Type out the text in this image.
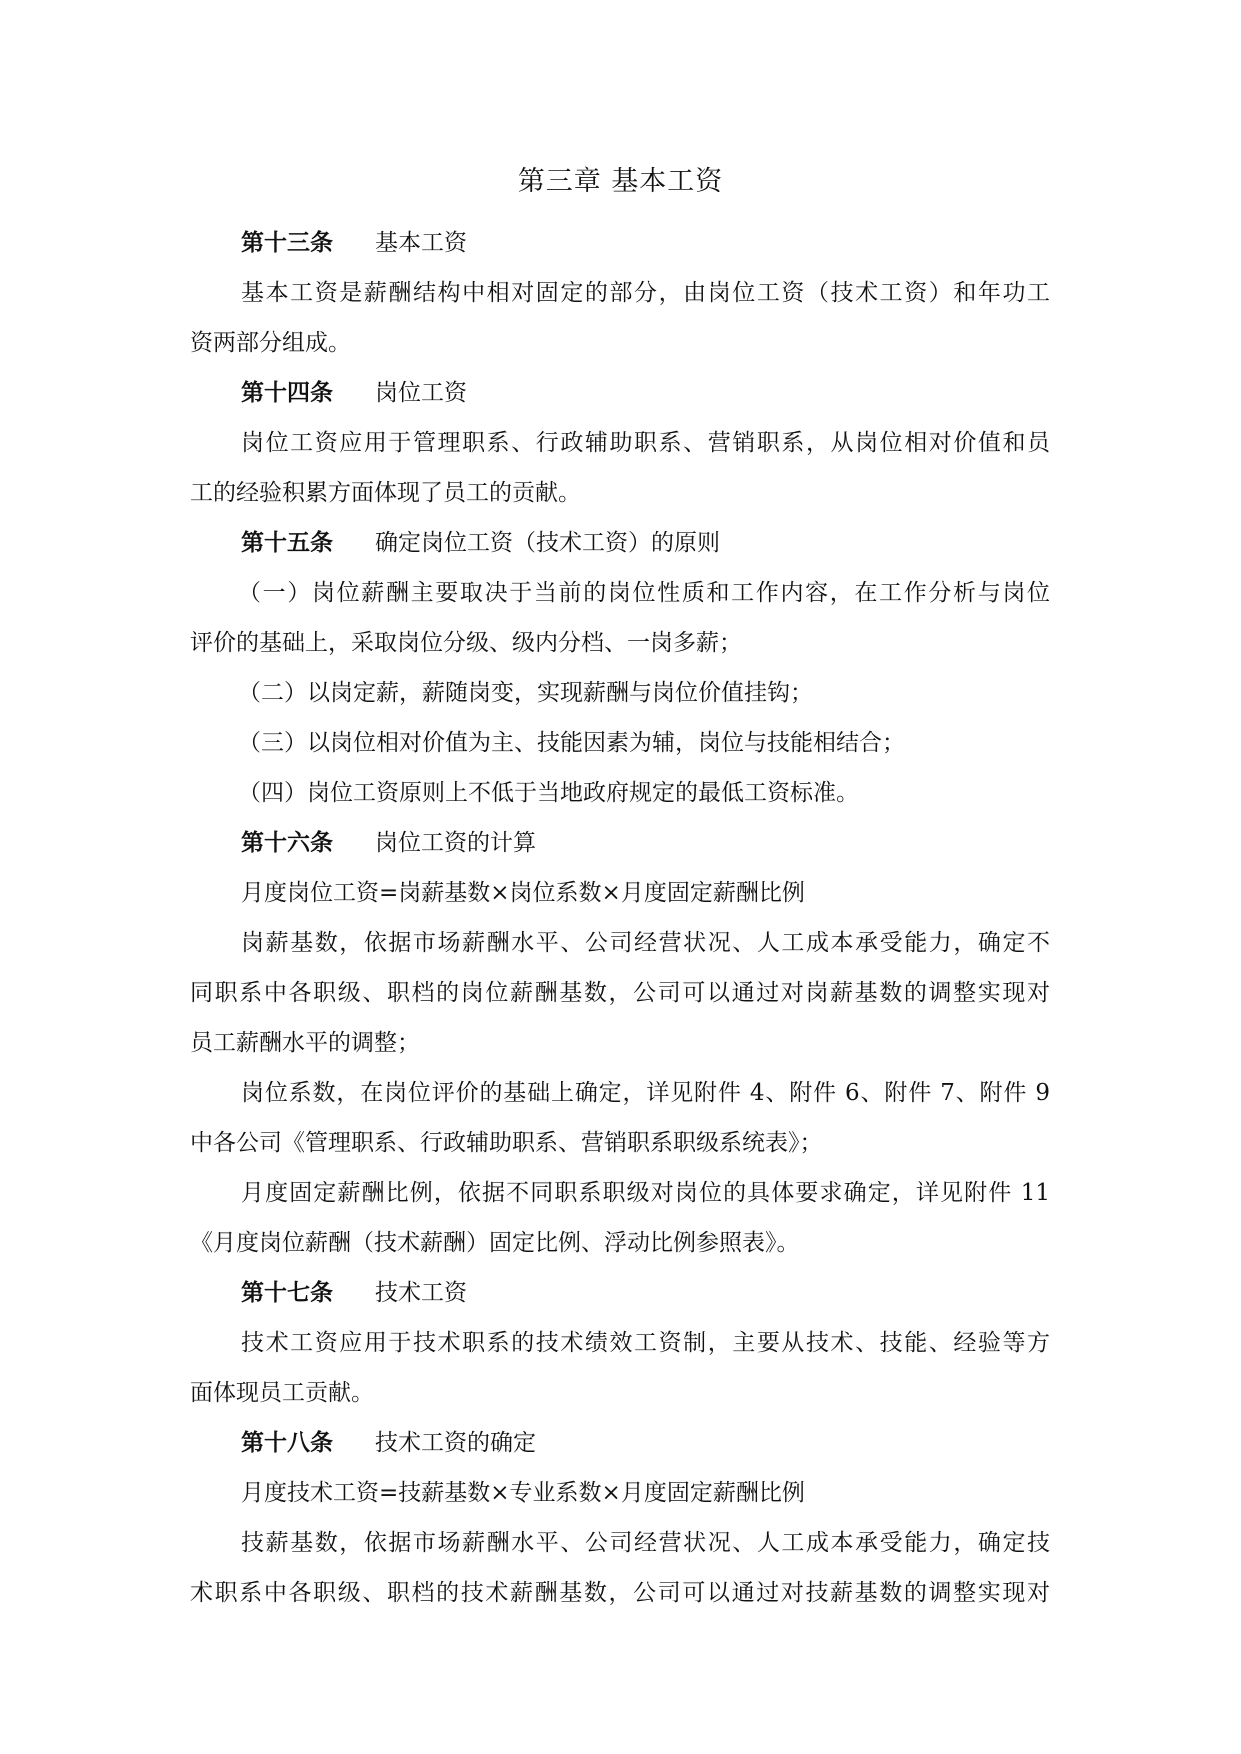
第三章 基本工资
第十三条 基本工资
基本工资是薪酬结构中相对固定的部分，由岗位工资（技术工资）和年功工
资两部分组成。
第十四条 岗位工资
岗位工资应用于管理职系、行政辅助职系、营销职系，从岗位相对价值和员
工的经验积累方面体现了员工的贡献。
第十五条 确定岗位工资（技术工资）的原则
（一）岗位薪酬主要取决于当前的岗位性质和工作内容，在工作分析与岗位
评价的基础上，采取岗位分级、级内分档、一岗多薪；
（二）以岗定薪，薪随岗变，实现薪酬与岗位价值挂钩；
（三）以岗位相对价值为主、技能因素为辅，岗位与技能相结合；
（四）岗位工资原则上不低于当地政府规定的最低工资标准。
第十六条 岗位工资的计算
月度岗位工资=岗薪基数×岗位系数×月度固定薪酬比例
岗薪基数，依据市场薪酬水平、公司经营状况、人工成本承受能力，确定不
同职系中各职级、职档的岗位薪酬基数，公司可以通过对岗薪基数的调整实现对
员工薪酬水平的调整；
岗位系数，在岗位评价的基础上确定，详见附件 4、附件 6、附件 7、附件 9
中各公司《管理职系、行政辅助职系、营销职系职级系统表》；
月度固定薪酬比例，依据不同职系职级对岗位的具体要求确定，详见附件 11
《月度岗位薪酬（技术薪酬）固定比例、浮动比例参照表》。
第十七条 技术工资
技术工资应用于技术职系的技术绩效工资制，主要从技术、技能、经验等方
面体现员工贡献。
第十八条 技术工资的确定
月度技术工资=技薪基数×专业系数×月度固定薪酬比例
技薪基数，依据市场薪酬水平、公司经营状况、人工成本承受能力，确定技
术职系中各职级、职档的技术薪酬基数，公司可以通过对技薪基数的调整实现对
